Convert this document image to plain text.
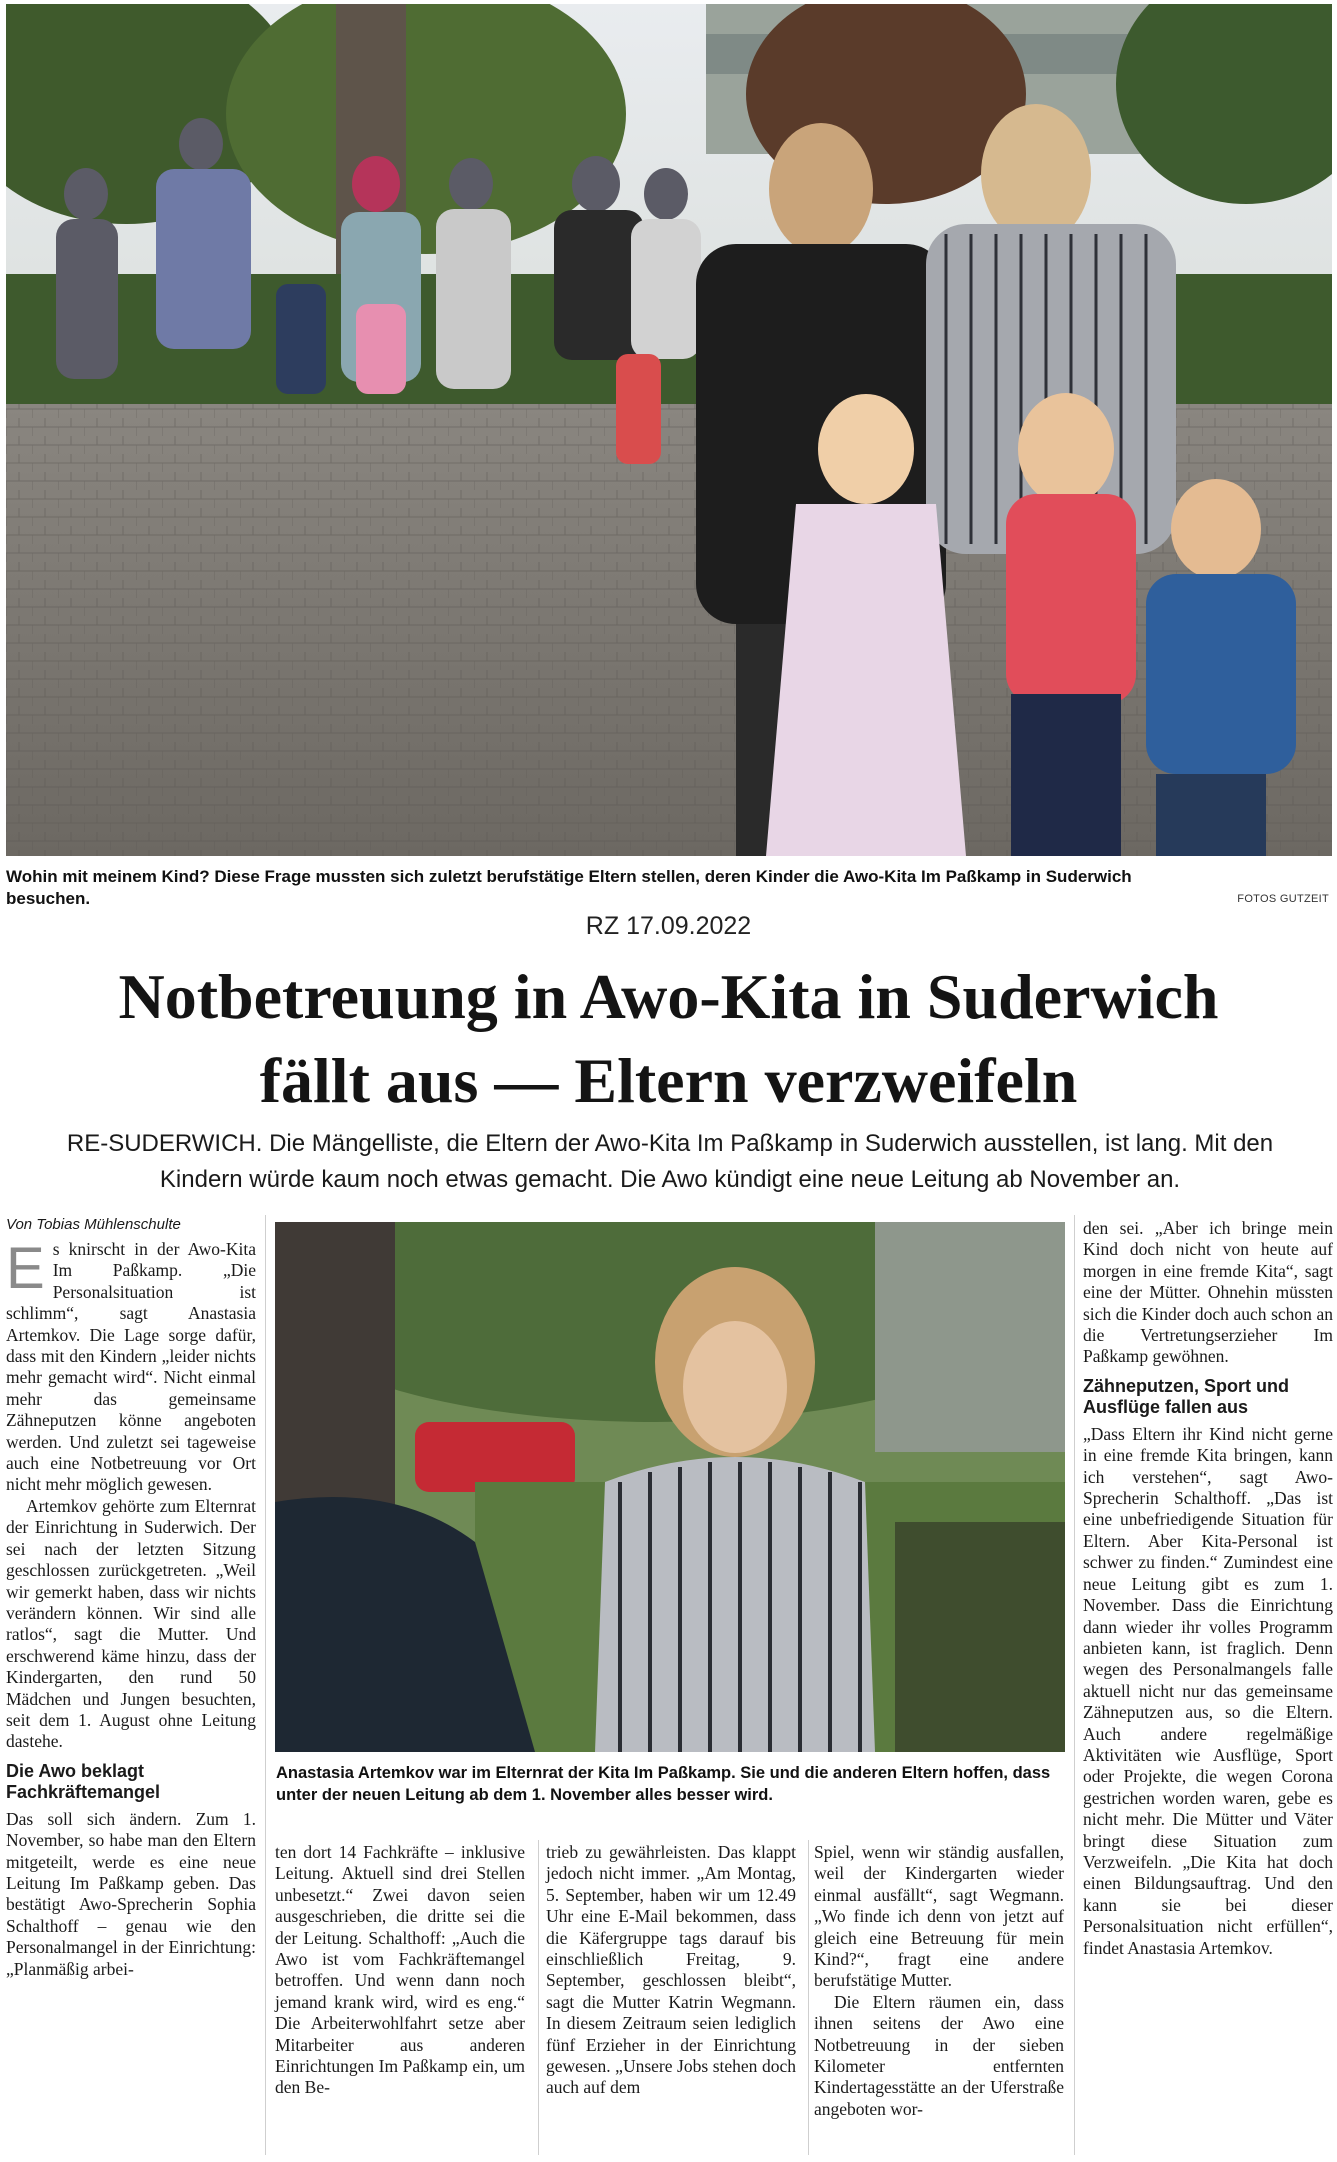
Wohin mit meinem Kind? Diese Frage mussten sich zuletzt berufstätige Eltern stellen, deren Kinder die Awo-Kita Im Paßkamp in Suderwich besuchen.	FOTOS GUTZEIT
RZ 17.09.2022
Notbetreuung in Awo-Kita in Suderwich
fällt aus — Eltern verzweifeln

RE-SUDERWICH. Die Mängelliste, die Eltern der Awo-Kita Im Paßkamp in Suderwich ausstellen, ist lang. Mit den Kindern würde kaum noch etwas gemacht. Die Awo kündigt eine neue Leitung ab November an.

Von Tobias Mühlenschulte

Es knirscht in der Awo-Kita Im Paßkamp. „Die Personalsituation ist schlimm“, sagt Anastasia Artemkov. Die Lage sorge dafür, dass mit den Kindern „leider nichts mehr gemacht wird“. Nicht einmal mehr das gemeinsame Zähneputzen könne angeboten werden. Und zuletzt sei tageweise auch eine Notbetreuung vor Ort nicht mehr möglich gewesen.

Artemkov gehörte zum Elternrat der Einrichtung in Suderwich. Der sei nach der letzten Sitzung geschlossen zurückgetreten. „Weil wir gemerkt haben, dass wir nichts verändern können. Wir sind alle ratlos“, sagt die Mutter. Und erschwerend käme hinzu, dass der Kindergarten, den rund 50 Mädchen und Jungen besuchten, seit dem 1. August ohne Leitung dastehe.

Die Awo beklagt Fachkräftemangel

Das soll sich ändern. Zum 1. November, so habe man den Eltern mitgeteilt, werde es eine neue Leitung Im Paßkamp geben. Das bestätigt Awo-Sprecherin Sophia Schalthoff – genau wie den Personalmangel in der Einrichtung: „Planmäßig arbei-

Anastasia Artemkov war im Elternrat der Kita Im Paßkamp. Sie und die anderen Eltern hoffen, dass unter der neuen Leitung ab dem 1. November alles besser wird.

ten dort 14 Fachkräfte – inklusive Leitung. Aktuell sind drei Stellen unbesetzt.“ Zwei davon seien ausgeschrieben, die dritte sei die der Leitung. Schalthoff: „Auch die Awo ist vom Fachkräftemangel betroffen. Und wenn dann noch jemand krank wird, wird es eng.“ Die Arbeiterwohlfahrt setze aber Mitarbeiter aus anderen Einrichtungen Im Paßkamp ein, um den Be-

trieb zu gewährleisten. Das klappt jedoch nicht immer. „Am Montag, 5. September, haben wir um 12.49 Uhr eine E-Mail bekommen, dass die Käfergruppe tags darauf bis einschließlich Freitag, 9. September, geschlossen bleibt“, sagt die Mutter Katrin Wegmann. In diesem Zeitraum seien lediglich fünf Erzieher in der Einrichtung gewesen. „Unsere Jobs stehen doch auch auf dem

Spiel, wenn wir ständig ausfallen, weil der Kindergarten wieder einmal ausfällt“, sagt Wegmann. „Wo finde ich denn von jetzt auf gleich eine Betreuung für mein Kind?“, fragt eine andere berufstätige Mutter.

Die Eltern räumen ein, dass ihnen seitens der Awo eine Notbetreuung in der sieben Kilometer entfernten Kindertagesstätte an der Uferstraße angeboten wor-

den sei. „Aber ich bringe mein Kind doch nicht von heute auf morgen in eine fremde Kita“, sagt eine der Mütter. Ohnehin müssten sich die Kinder doch auch schon an die Vertretungserzieher Im Paßkamp gewöhnen.

Zähneputzen, Sport und Ausflüge fallen aus

„Dass Eltern ihr Kind nicht gerne in eine fremde Kita bringen, kann ich verstehen“, sagt Awo-Sprecherin Schalthoff. „Das ist eine unbefriedigende Situation für Eltern. Aber Kita-Personal ist schwer zu finden.“ Zumindest eine neue Leitung gibt es zum 1. November. Dass die Einrichtung dann wieder ihr volles Programm anbieten kann, ist fraglich. Denn wegen des Personalmangels falle aktuell nicht nur das gemeinsame Zähneputzen aus, so die Eltern. Auch andere regelmäßige Aktivitäten wie Ausflüge, Sport oder Projekte, die wegen Corona gestrichen worden waren, gebe es nicht mehr. Die Mütter und Väter bringt diese Situation zum Verzweifeln. „Die Kita hat doch einen Bildungsauftrag. Und den kann sie bei dieser Personalsituation nicht erfüllen“, findet Anastasia Artemkov.
